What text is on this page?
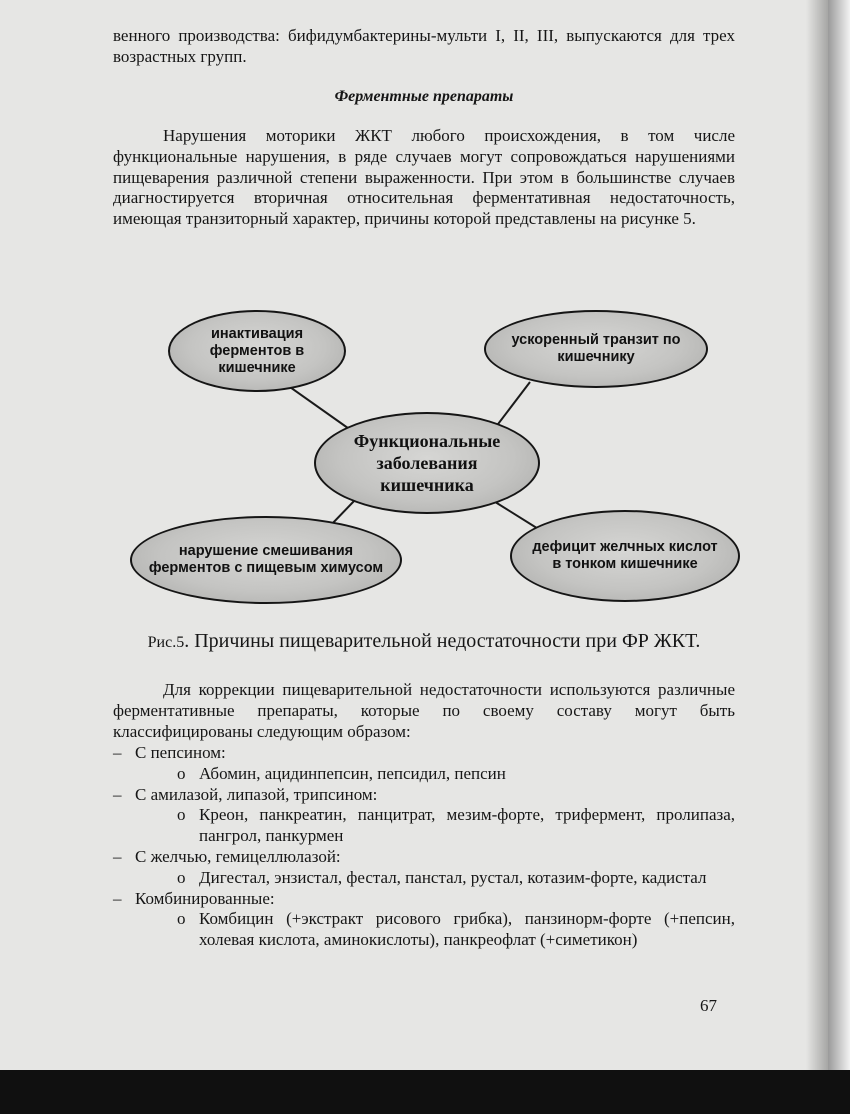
венного производства: бифидумбактерины-мульти I, II, III, выпускаются для трех возрастных групп.
Ферментные препараты
Нарушения моторики ЖКТ любого происхождения, в том числе функциональные нарушения, в ряде случаев могут сопровождаться нарушениями пищеварения различной степени выраженности. При этом в большинстве случаев диагностируется вторичная относительная ферментативная недостаточность, имеющая транзиторный характер, причины которой представлены на рисунке 5.
инактивация ферментов в кишечнике
ускоренный транзит по кишечнику
Функциональные заболевания кишечника
нарушение смешивания ферментов с пищевым химусом
дефицит желчных кислот в тонком кишечнике
Рис.5. Причины пищеварительной недостаточности при ФР ЖКТ.
Для коррекции пищеварительной недостаточности используются различные ферментативные препараты, которые по своему составу могут быть классифицированы следующим образом:
– С пепсином:
o Абомин, ацидинпепсин, пепсидил, пепсин
– С амилазой, липазой, трипсином:
o Креон, панкреатин, панцитрат, мезим-форте, трифермент, пролипаза, пангрол, панкурмен
– С желчью, гемицеллюлазой:
o Дигестал, энзистал, фестал, панстал, рустал, котазим-форте, кадистал
– Комбинированные:
o Комбицин (+экстракт рисового грибка), панзинорм-форте (+пепсин, холевая кислота, аминокислоты), панкреофлат (+симетикон)
67
